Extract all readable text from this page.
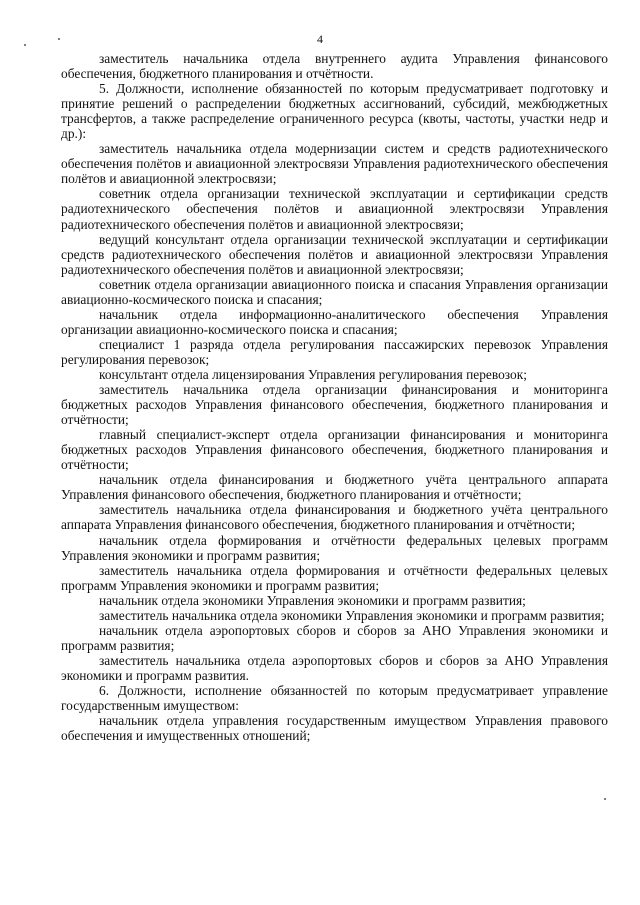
4

заместитель начальника отдела внутреннего аудита Управления финансового обеспечения, бюджетного планирования и отчётности.

5. Должности, исполнение обязанностей по которым предусматривает подготовку и принятие решений о распределении бюджетных ассигнований, субсидий, межбюджетных трансфертов, а также распределение ограниченного ресурса (квоты, частоты, участки недр и др.):

заместитель начальника отдела модернизации систем и средств радиотехнического обеспечения полётов и авиационной электросвязи Управления радиотехнического обеспечения полётов и авиационной электросвязи;

советник отдела организации технической эксплуатации и сертификации средств радиотехнического обеспечения полётов и авиационной электросвязи Управления радиотехнического обеспечения полётов и авиационной электросвязи;

ведущий консультант отдела организации технической эксплуатации и сертификации средств радиотехнического обеспечения полётов и авиационной электросвязи Управления радиотехнического обеспечения полётов и авиационной электросвязи;

советник отдела организации авиационного поиска и спасания Управления организации авиационно-космического поиска и спасания;

начальник отдела информационно-аналитического обеспечения Управления организации авиационно-космического поиска и спасания;

специалист 1 разряда отдела регулирования пассажирских перевозок Управления регулирования перевозок;

консультант отдела лицензирования Управления регулирования перевозок;

заместитель начальника отдела организации финансирования и мониторинга бюджетных расходов Управления финансового обеспечения, бюджетного планирования и отчётности;

главный специалист-эксперт отдела организации финансирования и мониторинга бюджетных расходов Управления финансового обеспечения, бюджетного планирования и отчётности;

начальник отдела финансирования и бюджетного учёта центрального аппарата Управления финансового обеспечения, бюджетного планирования и отчётности;

заместитель начальника отдела финансирования и бюджетного учёта центрального аппарата Управления финансового обеспечения, бюджетного планирования и отчётности;

начальник отдела формирования и отчётности федеральных целевых программ Управления экономики и программ развития;

заместитель начальника отдела формирования и отчётности федеральных целевых программ Управления экономики и программ развития;

начальник отдела экономики Управления экономики и программ развития;

заместитель начальника отдела экономики Управления экономики и программ развития;

начальник отдела аэропортовых сборов и сборов за АНО Управления экономики и программ развития;

заместитель начальника отдела аэропортовых сборов и сборов за АНО Управления экономики и программ развития.

6. Должности, исполнение обязанностей по которым предусматривает управление государственным имуществом:

начальник отдела управления государственным имуществом Управления правового обеспечения и имущественных отношений;
